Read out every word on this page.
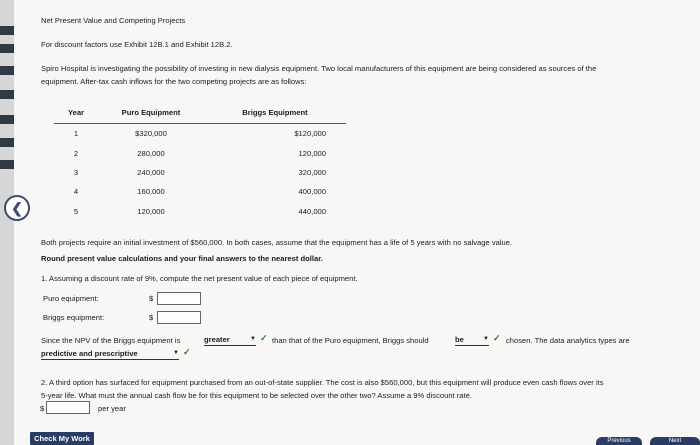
Net Present Value and Competing Projects
For discount factors use Exhibit 12B.1 and Exhibit 12B.2.
Spiro Hospital is investigating the possibility of investing in new dialysis equipment. Two local manufacturers of this equipment are being considered as sources of the
equipment. After-tax cash inflows for the two competing projects are as follows:
Year	Puro Equipment	Briggs Equipment
1	$320,000	$120,000
2	280,000	120,000
3	240,000	320,000
4	160,000	400,000
5	120,000	440,000
Both projects require an initial investment of $560,000. In both cases, assume that the equipment has a life of 5 years with no salvage value.
Round present value calculations and your final answers to the nearest dollar.
1. Assuming a discount rate of 9%, compute the net present value of each piece of equipment.
Puro equipment:	$
Briggs equipment:	$
Since the NPV of the Briggs equipment is	greater	▼ ✓ than that of the Puro equipment, Briggs should	be	▼ ✓ chosen. The data analytics types are
predictive and prescriptive	▼ ✓
2. A third option has surfaced for equipment purchased from an out-of-state supplier. The cost is also $560,000, but this equipment will produce even cash flows over its
5-year life. What must the annual cash flow be for this equipment to be selected over the other two? Assume a 9% discount rate.
$	per year
❮
Check My Work	Previous	Next
